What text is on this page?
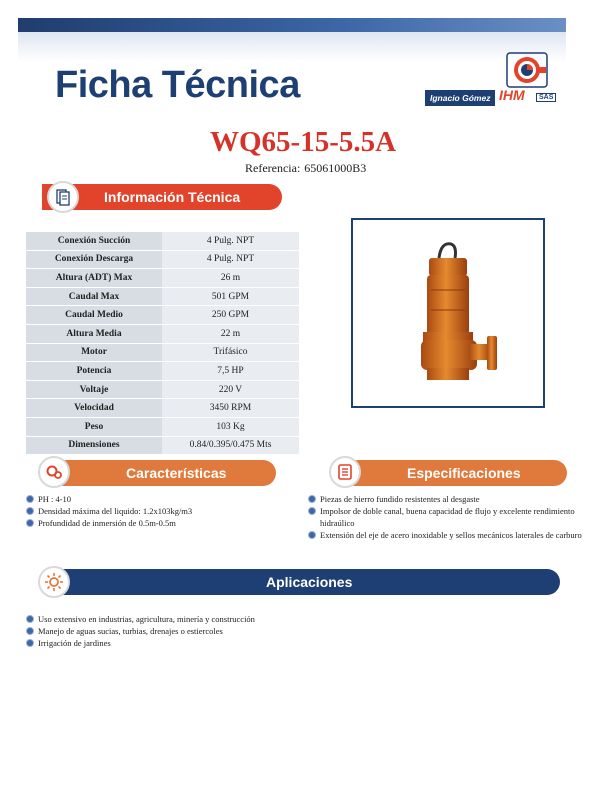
Ficha Técnica	Ignacio Gómez IHM	SAS
WQ65-15-5.5A
Referencia: 65061000B3
Información Técnica
Conexión Succión	4 Pulg. NPT
Conexión Descarga	4 Pulg. NPT
Altura (ADT) Max	26 m
Caudal Max	501 GPM
Caudal Medio	250 GPM
Altura Media	22 m
Motor	Trifásico
Potencia	7,5 HP
Voltaje	220 V
Velocidad	3450 RPM
Peso	103 Kg
Dimensiones	0.84/0.395/0.475 Mts
Características
PH : 4-10
Densidad máxima del liquido: 1.2x103kg/m3
Profundidad de inmersión de 0.5m-0.5m
Especificaciones
Piezas de hierro fundido resistentes al desgaste
Impolsor de doble canal, buena capacidad de flujo y excelente rendimiento hidraúlico
Extensión del eje de acero inoxidable y sellos mecánicos laterales de carburo
Aplicaciones
Uso extensivo en industrias, agricultura, minería y construcción
Manejo de aguas sucias, turbias, drenajes o estiercoles
Irrigación de jardines
